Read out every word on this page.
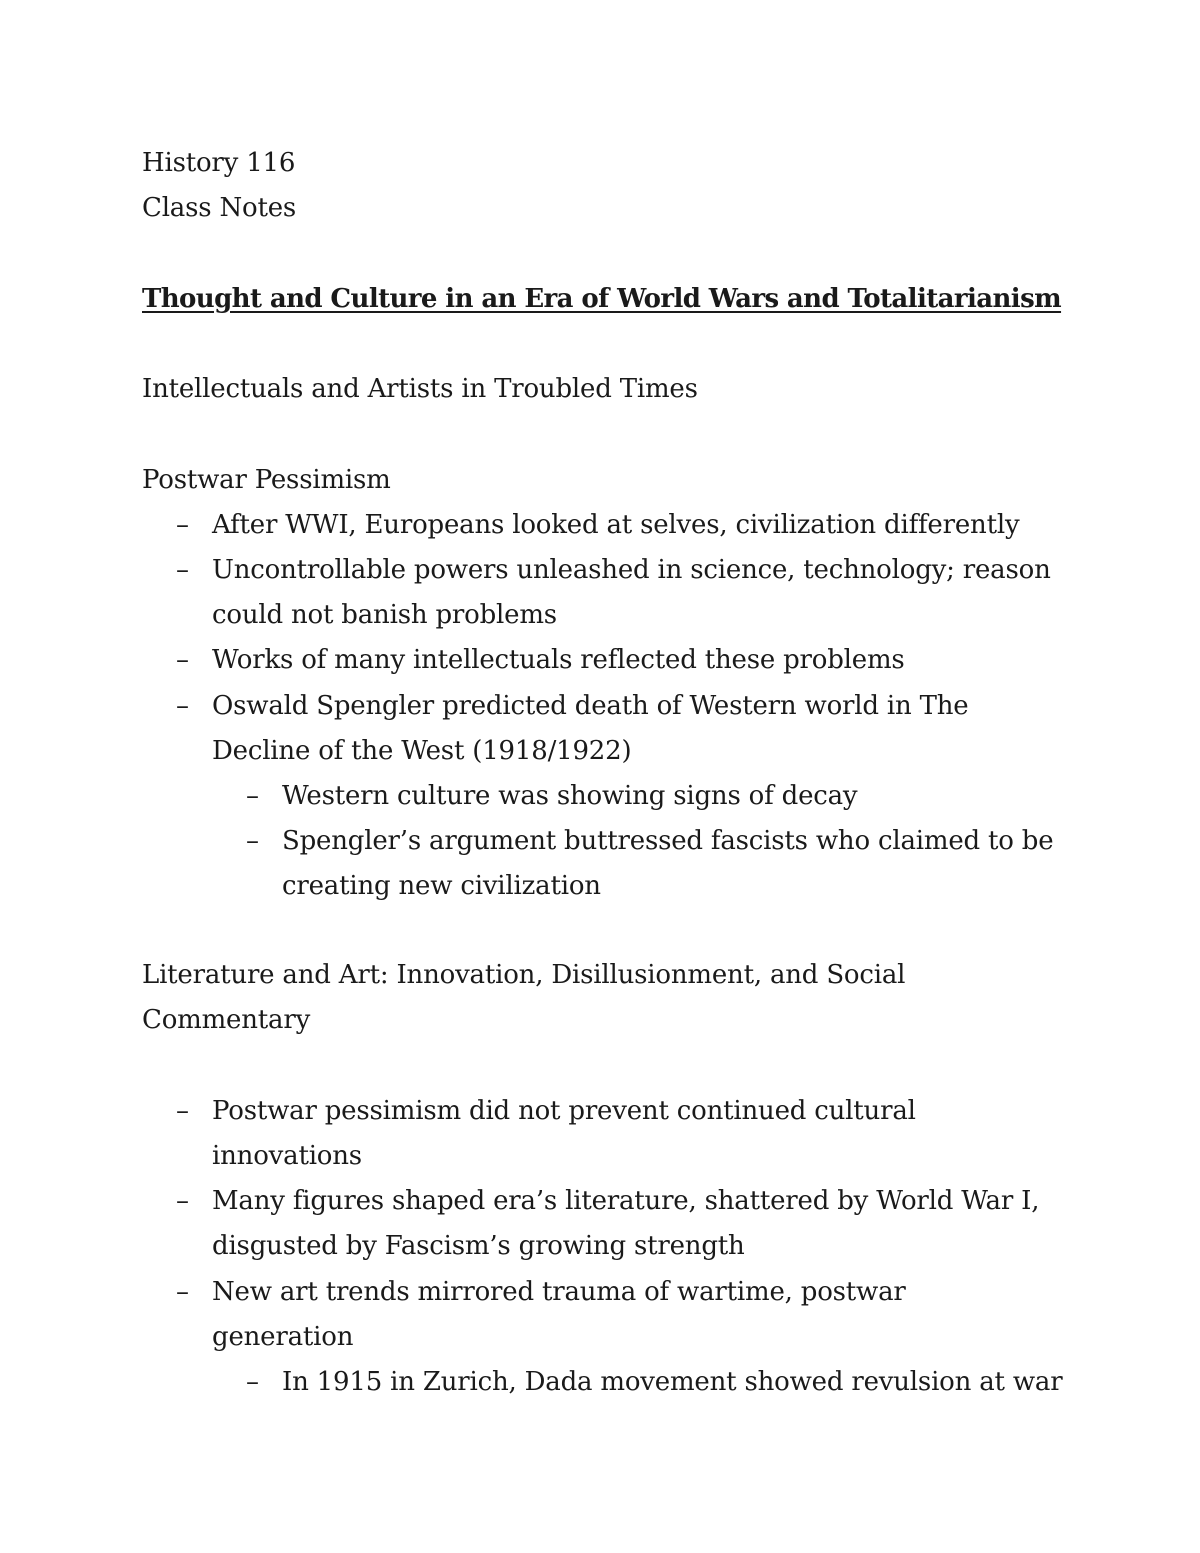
History 116
Class Notes
Thought and Culture in an Era of World Wars and Totalitarianism
Intellectuals and Artists in Troubled Times
Postwar Pessimism
– After WWI, Europeans looked at selves, civilization differently
– Uncontrollable powers unleashed in science, technology; reason
could not banish problems
– Works of many intellectuals reflected these problems
– Oswald Spengler predicted death of Western world in The
Decline of the West (1918/1922)
– Western culture was showing signs of decay
– Spengler’s argument buttressed fascists who claimed to be
creating new civilization
Literature and Art: Innovation, Disillusionment, and Social
Commentary
– Postwar pessimism did not prevent continued cultural
innovations
– Many figures shaped era’s literature, shattered by World War I,
disgusted by Fascism’s growing strength
– New art trends mirrored trauma of wartime, postwar
generation
– In 1915 in Zurich, Dada movement showed revulsion at war
